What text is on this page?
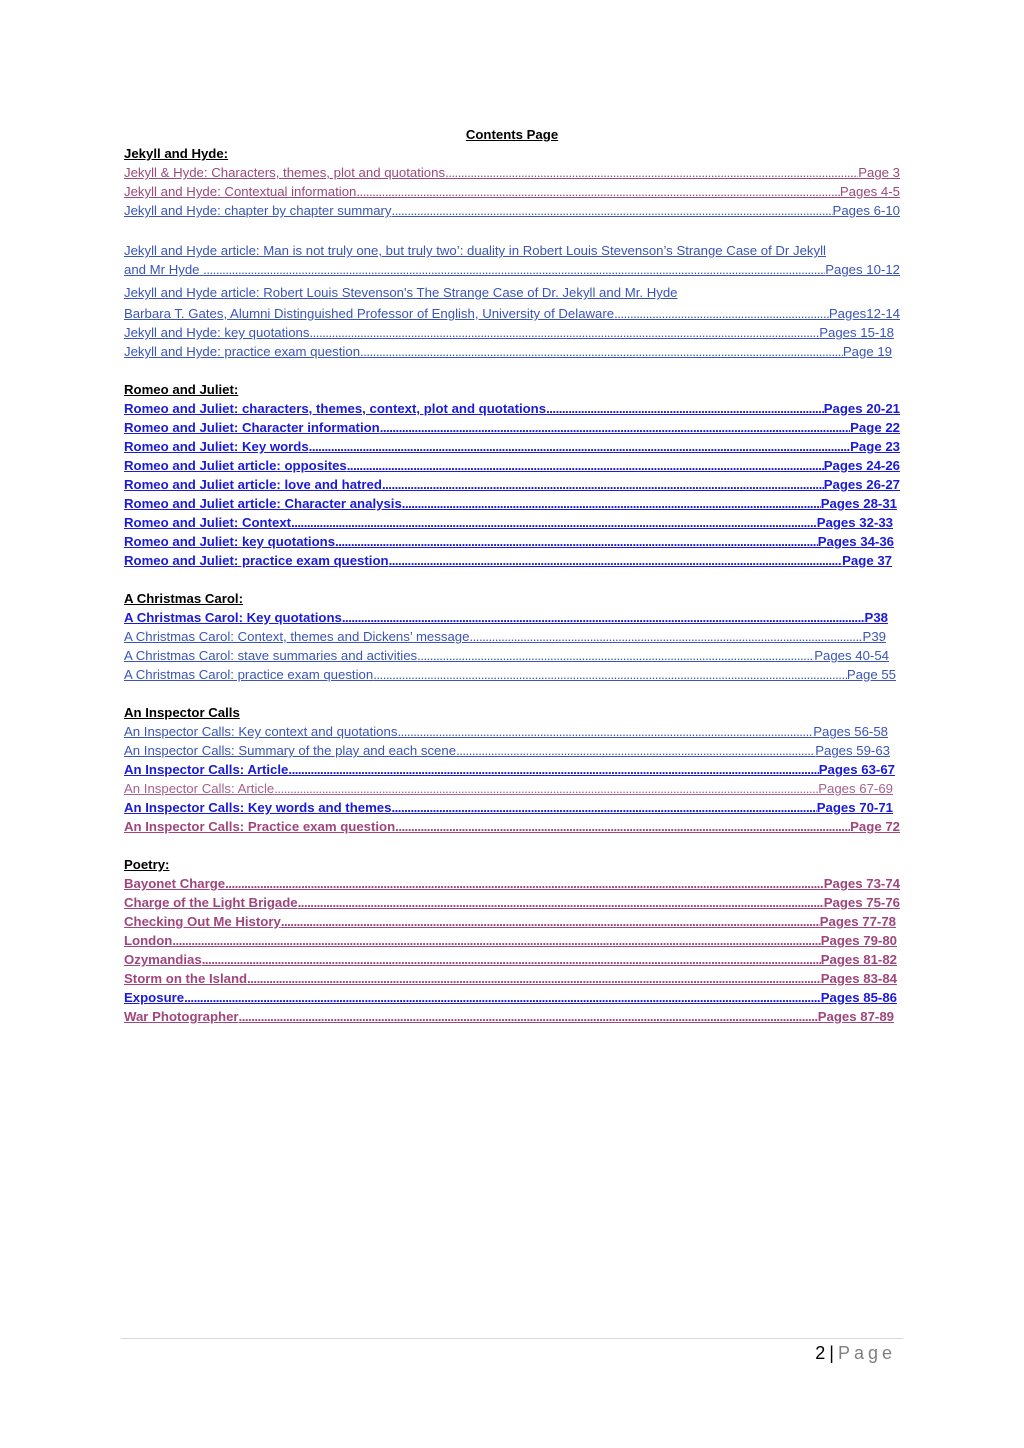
Contents Page
Jekyll and Hyde:
Jekyll & Hyde: Characters, themes, plot and quotations .....	Page 3
Jekyll and Hyde: Contextual information .....	Pages 4-5
Jekyll and Hyde: chapter by chapter summary .....	Pages 6-10
Jekyll and Hyde article: Man is not truly one, but truly two’: duality in Robert Louis Stevenson’s Strange Case of Dr Jekyll
and Mr Hyde
.....	Pages 10-12
Jekyll and Hyde article: Robert Louis Stevenson's The Strange Case of Dr. Jekyll and Mr. Hyde
Barbara T. Gates, Alumni Distinguished Professor of English, University of Delaware .....	Pages12-14
Jekyll and Hyde: key quotations .....	Pages 15-18
Jekyll and Hyde: practice exam question .....	Page 19
Romeo and Juliet:
Romeo and Juliet: characters, themes, context, plot and quotations .....	Pages 20-21
Romeo and Juliet: Character information .....	Page 22
Romeo and Juliet: Key words .....	Page 23
Romeo and Juliet article: opposites .....	Pages 24-26
Romeo and Juliet article: love and hatred .....	Pages 26-27
Romeo and Juliet article: Character analysis .....	Pages 28-31
Romeo and Juliet: Context .....	Pages 32-33
Romeo and Juliet: key quotations .....	Pages 34-36
Romeo and Juliet: practice exam question .....	Page 37
A Christmas Carol:
A Christmas Carol: Key quotations .....	P38
A Christmas Carol: Context, themes and Dickens’ message .....	P39
A Christmas Carol: stave summaries and activities .....	Pages 40-54
A Christmas Carol: practice exam question .....	Page 55
An Inspector Calls
An Inspector Calls: Key context and quotations .....	Pages 56-58
An Inspector Calls: Summary of the play and each scene .....	Pages 59-63
An Inspector Calls: Article .....	Pages 63-67
An Inspector Calls: Article .....	Pages 67-69
An Inspector Calls: Key words and themes .....	Pages 70-71
An Inspector Calls: Practice exam question .....	Page 72
Poetry:
Bayonet Charge .....	Pages 73-74
Charge of the Light Brigade .....	Pages 75-76
Checking Out Me History .....	Pages 77-78
London .....	Pages 79-80
Ozymandias .....	Pages 81-82
Storm on the Island .....	Pages 83-84
Exposure .....	Pages 85-86
War Photographer .....	Pages 87-89
2 | Page
